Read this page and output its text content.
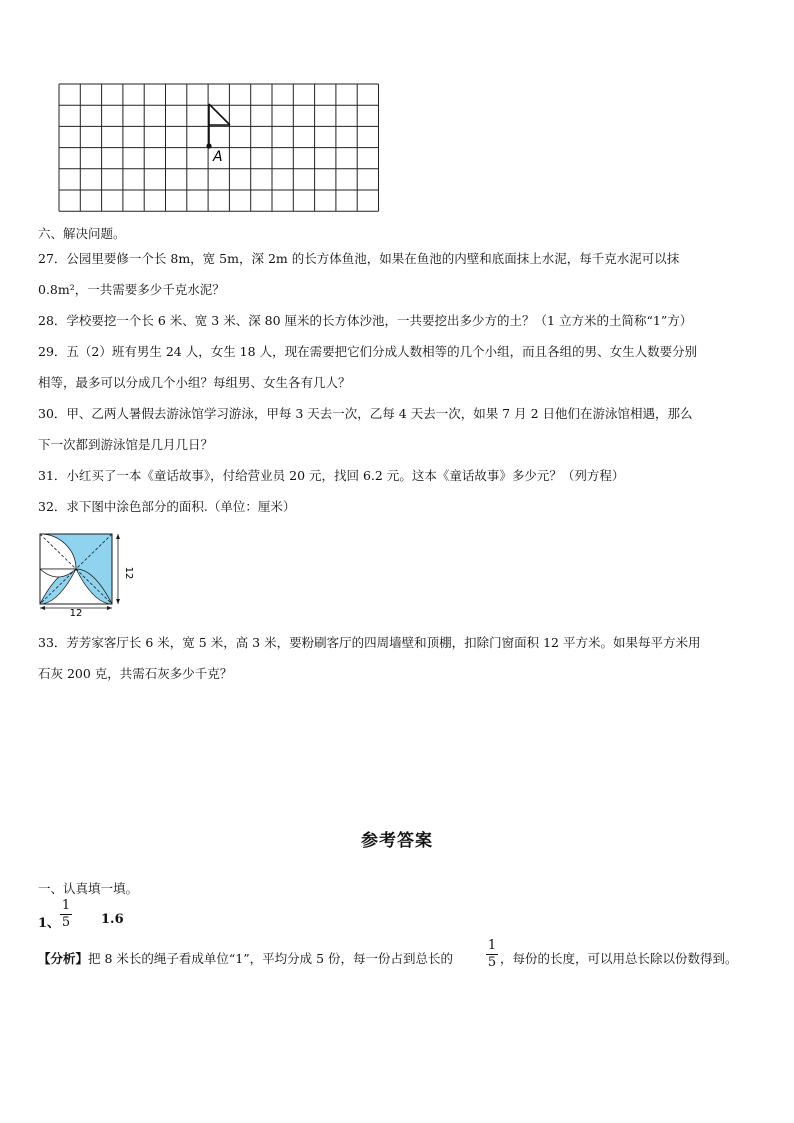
A
六、解决问题。
27．公园里要修一个长 8m，宽 5m，深 2m 的长方体鱼池，如果在鱼池的内壁和底面抹上水泥，每千克水泥可以抹
0.8m²，一共需要多少千克水泥？
28．学校要挖一个长 6 米、宽 3 米、深 80 厘米的长方体沙池，一共要挖出多少方的土？（1 立方米的土简称“1”方）
29．五（2）班有男生 24 人，女生 18 人，现在需要把它们分成人数相等的几个小组，而且各组的男、女生人数要分别
相等，最多可以分成几个小组？每组男、女生各有几人？
30．甲、乙两人暑假去游泳馆学习游泳，甲每 3 天去一次，乙每 4 天去一次，如果 7 月 2 日他们在游泳馆相遇，那么
下一次都到游泳馆是几月几日？
31．小红买了一本《童话故事》，付给营业员 20 元，找回 6.2 元。这本《童话故事》多少元？（列方程）
32．求下图中涂色部分的面积.（单位：厘米）
12
12
33．芳芳家客厅长 6 米，宽 5 米，高 3 米，要粉刷客厅的四周墙壁和顶棚，扣除门窗面积 12 平方米。如果每平方米用
石灰 200 克，共需石灰多少千克？
参考答案
一、认真填一填。
1、
1
5 1.6
【分析】把 8 米长的绳子看成单位“1”，平均分成 5 份，每一份占到总长的
1
5 ，每份的长度，可以用总长除以份数得到。
